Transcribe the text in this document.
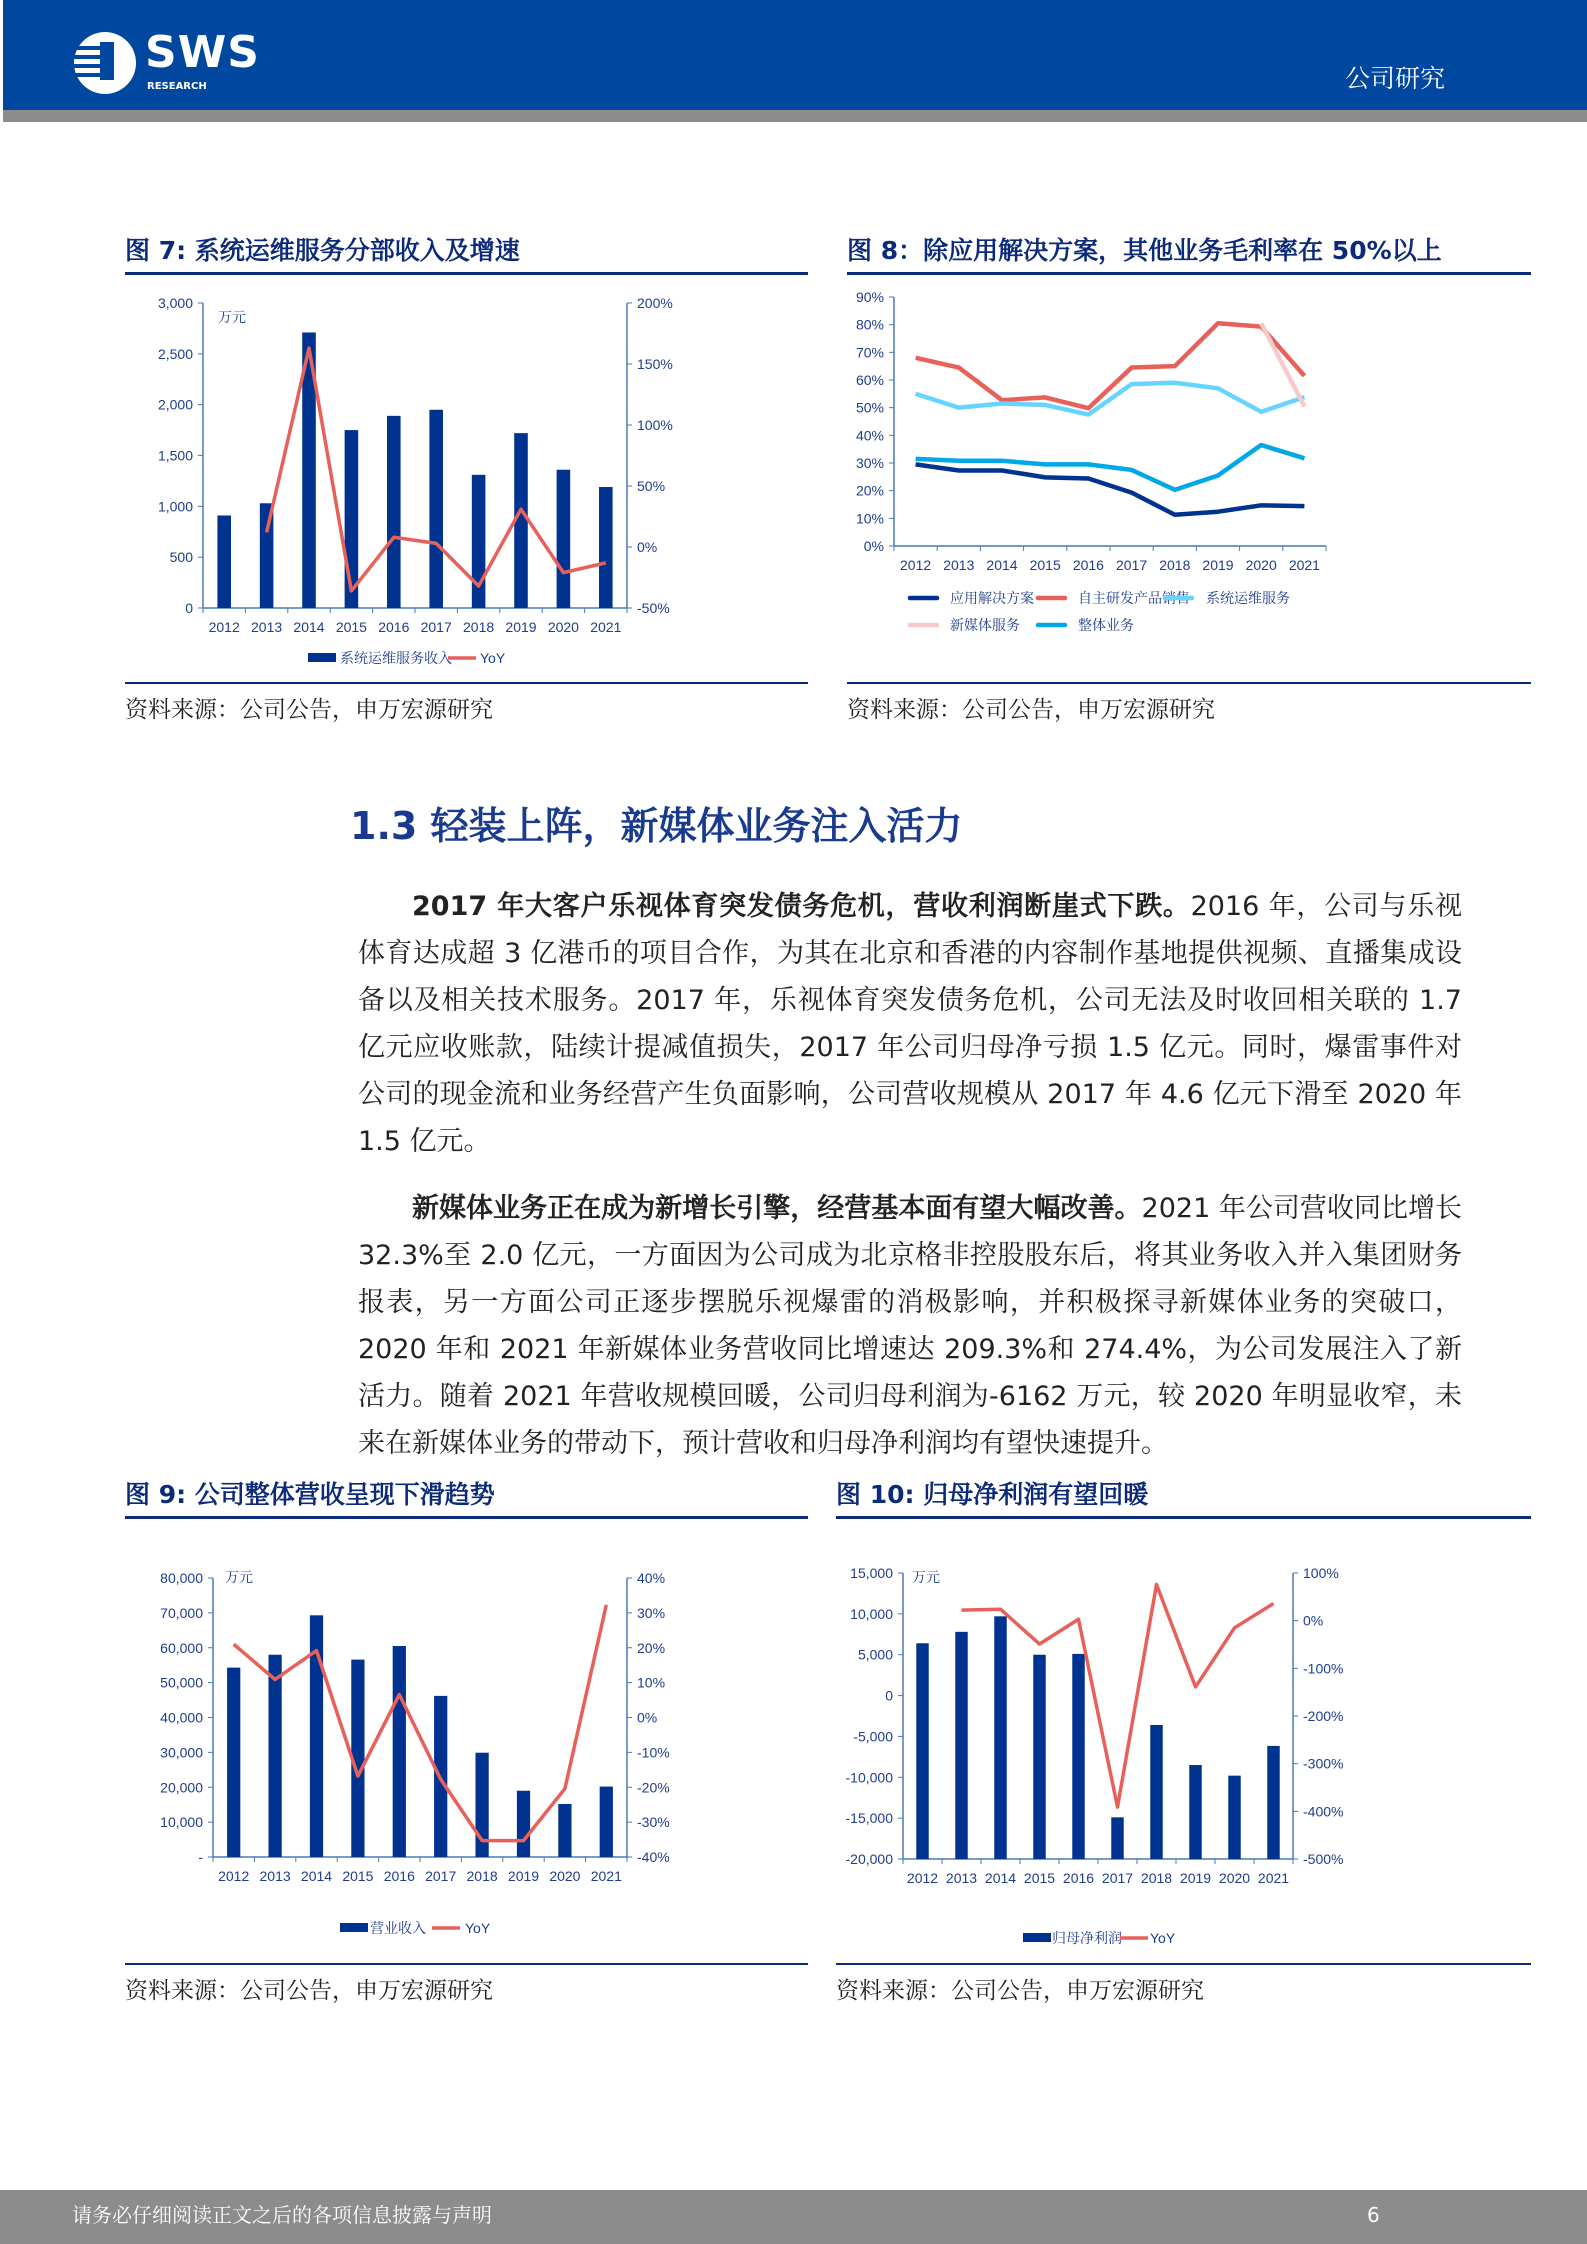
SWS
RESEARCH	公司研究
图 7: 系统运维服务分部收入及增速	图 8：除应用解决方案，其他业务毛利率在 50%以上
0
500
1,000
1,500
2,000
2,500
3,000
-50%
0%
50%
100%
150%
200%
2012 2013 2014 2015 2016 2017 2018 2019 2020 2021
万元
系统运维服务收入 YoY
0%
10%
20%
30%
40%
50%
60%
70%
80%
90%
2012 2013 2014 2015 2016 2017 2018 2019 2020 2021
应用解决方案	自主研发产品销售 系统运维服务
新媒体服务	整体业务
资料来源：公司公告，申万宏源研究	资料来源：公司公告，申万宏源研究
1.3 轻装上阵，新媒体业务注入活力

2017 年大客户乐视体育突发债务危机，营收利润断崖式下跌。2016 年，公司与乐视体育达成超 3 亿港币的项目合作，为其在北京和香港的内容制作基地提供视频、直播集成设备以及相关技术服务。2017 年，乐视体育突发债务危机，公司无法及时收回相关联的 1.7 亿元应收账款，陆续计提减值损失，2017 年公司归母净亏损 1.5 亿元。同时，爆雷事件对公司的现金流和业务经营产生负面影响，公司营收规模从 2017 年 4.6 亿元下滑至 2020 年 1.5 亿元。

新媒体业务正在成为新增长引擎，经营基本面有望大幅改善。2021 年公司营收同比增长 32.3%至 2.0 亿元，一方面因为公司成为北京格非控股股东后，将其业务收入并入集团财务报表，另一方面公司正逐步摆脱乐视爆雷的消极影响，并积极探寻新媒体业务的突破口，2020 年和 2021 年新媒体业务营收同比增速达 209.3%和 274.4%，为公司发展注入了新活力。随着 2021 年营收规模回暖，公司归母利润为-6162 万元，较 2020 年明显收窄，未来在新媒体业务的带动下，预计营收和归母净利润均有望快速提升。

图 9: 公司整体营收呈现下滑趋势	图 10: 归母净利润有望回暖
-
10,000
20,000
30,000
40,000
50,000
60,000
70,000
80,000
-40%
-30%
-20%
-10%
0%
10%
20%
30%
40%
2012 2013 2014 2015 2016 2017 2018 2019 2020 2021
万元
营业收入	YoY
-20,000
-15,000
-10,000
-5,000
0
5,000
10,000
15,000
-500%
-400%
-300%
-200%
-100%
0%
100%
2012 2013 2014 2015 2016 2017 2018 2019 2020 2021
万元
归母净利润 YoY
资料来源：公司公告，申万宏源研究	资料来源：公司公告，申万宏源研究
请务必仔细阅读正文之后的各项信息披露与声明	6
